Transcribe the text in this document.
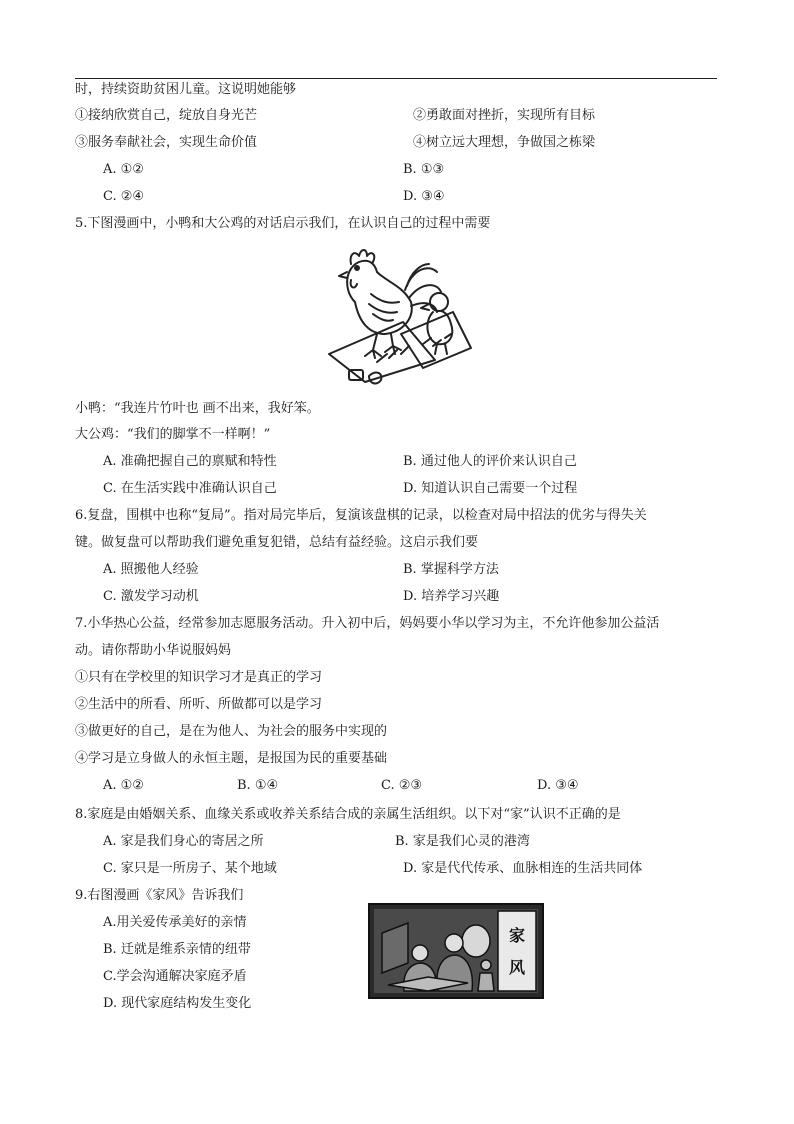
时，持续资助贫困儿童。这说明她能够
①接纳欣赏自己，绽放自身光芒	②勇敢面对挫折，实现所有目标
③服务奉献社会，实现生命价值	④树立远大理想，争做国之栋梁
A. ①②	B. ①③
C. ②④	D. ③④
5.下图漫画中，小鸭和大公鸡的对话启示我们，在认识自己的过程中需要
小鸭：“我连片竹叶也 画不出来，我好笨。
大公鸡：“我们的脚掌不一样啊！”
A. 准确把握自己的禀赋和特性	B. 通过他人的评价来认识自己
C. 在生活实践中准确认识自己	D. 知道认识自己需要一个过程
6.复盘，围棋中也称“复局”。指对局完毕后，复演该盘棋的记录，以检查对局中招法的优劣与得失关
键。做复盘可以帮助我们避免重复犯错，总结有益经验。这启示我们要
A. 照搬他人经验	B. 掌握科学方法
C. 激发学习动机	D. 培养学习兴趣
7.小华热心公益，经常参加志愿服务活动。升入初中后，妈妈要小华以学习为主，不允许他参加公益活
动。请你帮助小华说服妈妈
①只有在学校里的知识学习才是真正的学习
②生活中的所看、所听、所做都可以是学习
③做更好的自己，是在为他人、为社会的服务中实现的
④学习是立身做人的永恒主题，是报国为民的重要基础
A. ①②	B. ①④	C. ②③	D. ③④
8.家庭是由婚姻关系、血缘关系或收养关系结合成的亲属生活组织。以下对“家”认识不正确的是
A. 家是我们身心的寄居之所	B. 家是我们心灵的港湾
C. 家只是一所房子、某个地域	D. 家是代代传承、血脉相连的生活共同体
9.右图漫画《家风》告诉我们
A.用关爱传承美好的亲情
B. 迁就是维系亲情的纽带
C.学会沟通解决家庭矛盾
D. 现代家庭结构发生变化
家
风
